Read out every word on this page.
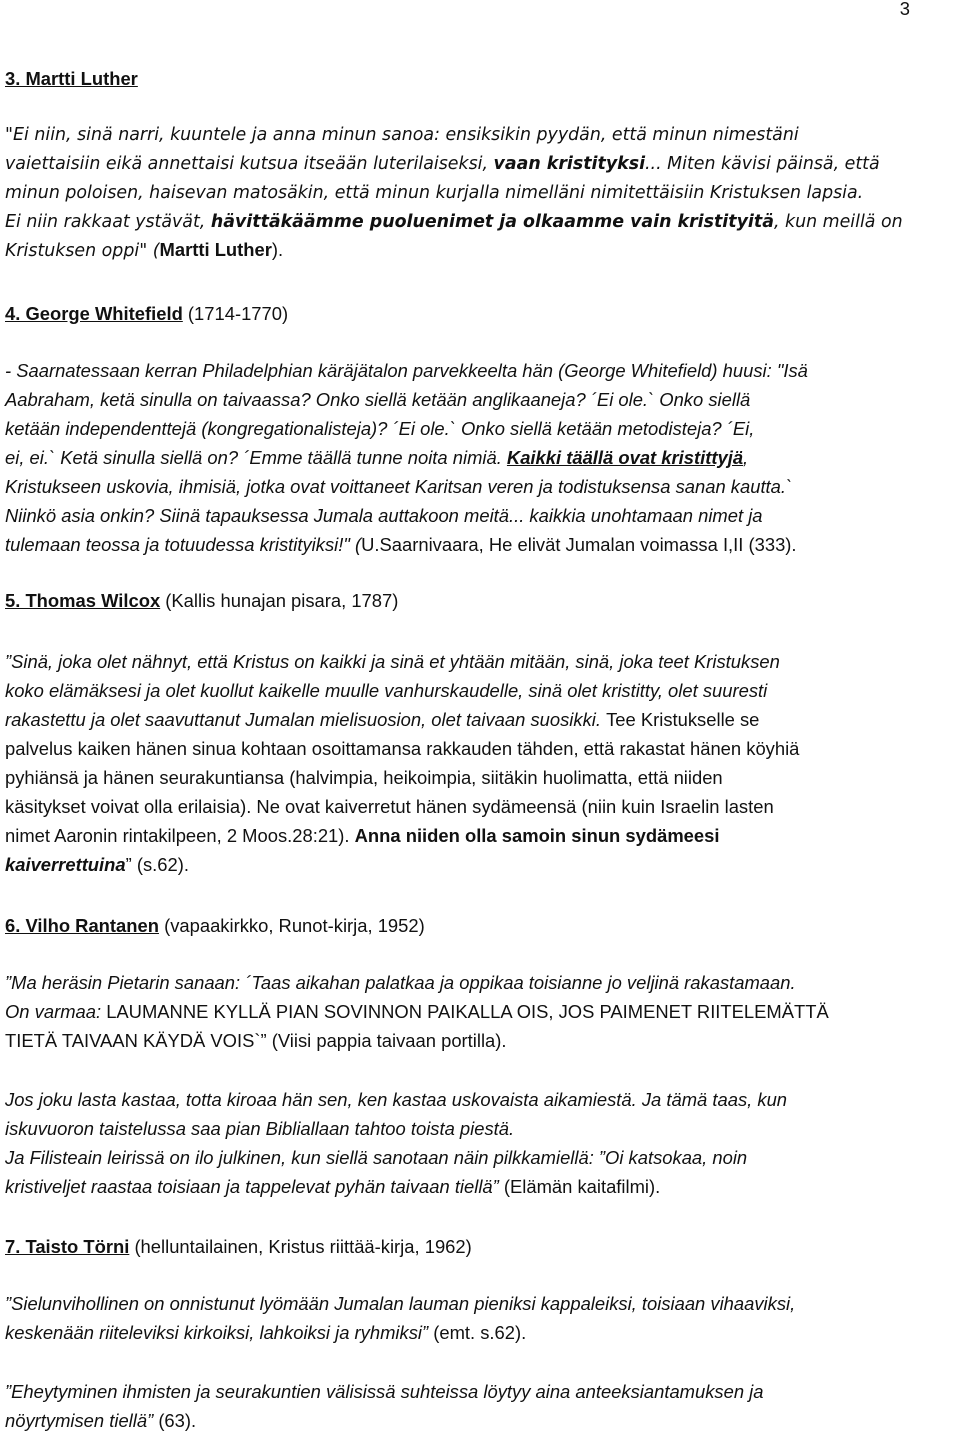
3
3. Martti Luther
"Ei niin, sinä narri, kuuntele ja anna minun sanoa: ensiksikin pyydän, että minun nimestäni
vaiettaisiin eikä annettaisi kutsua itseään luterilaiseksi, vaan kristityksi... Miten kävisi päinsä, että
minun poloisen, haisevan matosäkin, että minun kurjalla nimelläni nimitettäisiin Kristuksen lapsia.
Ei niin rakkaat ystävät, hävittäkäämme puoluenimet ja olkaamme vain kristityitä, kun meillä on
Kristuksen oppi" (Martti Luther).
4. George Whitefield (1714-1770)
- Saarnatessaan kerran Philadelphian käräjätalon parvekkeelta hän (George Whitefield) huusi: "Isä
Aabraham, ketä sinulla on taivaassa? Onko siellä ketään anglikaaneja? ´Ei ole.` Onko siellä
ketään independenttejä (kongregationalisteja)? ´Ei ole.` Onko siellä ketään metodisteja? ´Ei,
ei, ei.` Ketä sinulla siellä on? ´Emme täällä tunne noita nimiä. Kaikki täällä ovat kristittyjä,
Kristukseen uskovia, ihmisiä, jotka ovat voittaneet Karitsan veren ja todistuksensa sanan kautta.`
Niinkö asia onkin? Siinä tapauksessa Jumala auttakoon meitä... kaikkia unohtamaan nimet ja
tulemaan teossa ja totuudessa kristityiksi!" (U.Saarnivaara, He elivät Jumalan voimassa I,II (333).
5. Thomas Wilcox (Kallis hunajan pisara, 1787)
”Sinä, joka olet nähnyt, että Kristus on kaikki ja sinä et yhtään mitään, sinä, joka teet Kristuksen
koko elämäksesi ja olet kuollut kaikelle muulle vanhurskaudelle, sinä olet kristitty, olet suuresti
rakastettu ja olet saavuttanut Jumalan mielisuosion, olet taivaan suosikki. Tee Kristukselle se
palvelus kaiken hänen sinua kohtaan osoittamansa rakkauden tähden, että rakastat hänen köyhiä
pyhiänsä ja hänen seurakuntiansa (halvimpia, heikoimpia, siitäkin huolimatta, että niiden
käsitykset voivat olla erilaisia). Ne ovat kaiverretut hänen sydämeensä (niin kuin Israelin lasten
nimet Aaronin rintakilpeen, 2 Moos.28:21). Anna niiden olla samoin sinun sydämeesi
kaiverrettuina” (s.62).
6. Vilho Rantanen (vapaakirkko, Runot-kirja, 1952)
”Ma heräsin Pietarin sanaan: ´Taas aikahan palatkaa ja oppikaa toisianne jo veljinä rakastamaan.
On varmaa: LAUMANNE KYLLÄ PIAN SOVINNON PAIKALLA OIS, JOS PAIMENET RIITELEMÄTTÄ
TIETÄ TAIVAAN KÄYDÄ VOIS`” (Viisi pappia taivaan portilla).
Jos joku lasta kastaa, totta kiroaa hän sen, ken kastaa uskovaista aikamiestä. Ja tämä taas, kun
iskuvuoron taistelussa saa pian Bibliallaan tahtoo toista piestä.
Ja Filisteain leirissä on ilo julkinen, kun siellä sanotaan näin pilkkamiellä: ”Oi katsokaa, noin
kristiveljet raastaa toisiaan ja tappelevat pyhän taivaan tiellä” (Elämän kaitafilmi).
7. Taisto Törni (helluntailainen, Kristus riittää-kirja, 1962)
”Sielunvihollinen on onnistunut lyömään Jumalan lauman pieniksi kappaleiksi, toisiaan vihaaviksi,
keskenään riiteleviksi kirkoiksi, lahkoiksi ja ryhmiksi” (emt. s.62).
”Eheytyminen ihmisten ja seurakuntien välisissä suhteissa löytyy aina anteeksiantamuksen ja
nöyrtymisen tiellä” (63).
